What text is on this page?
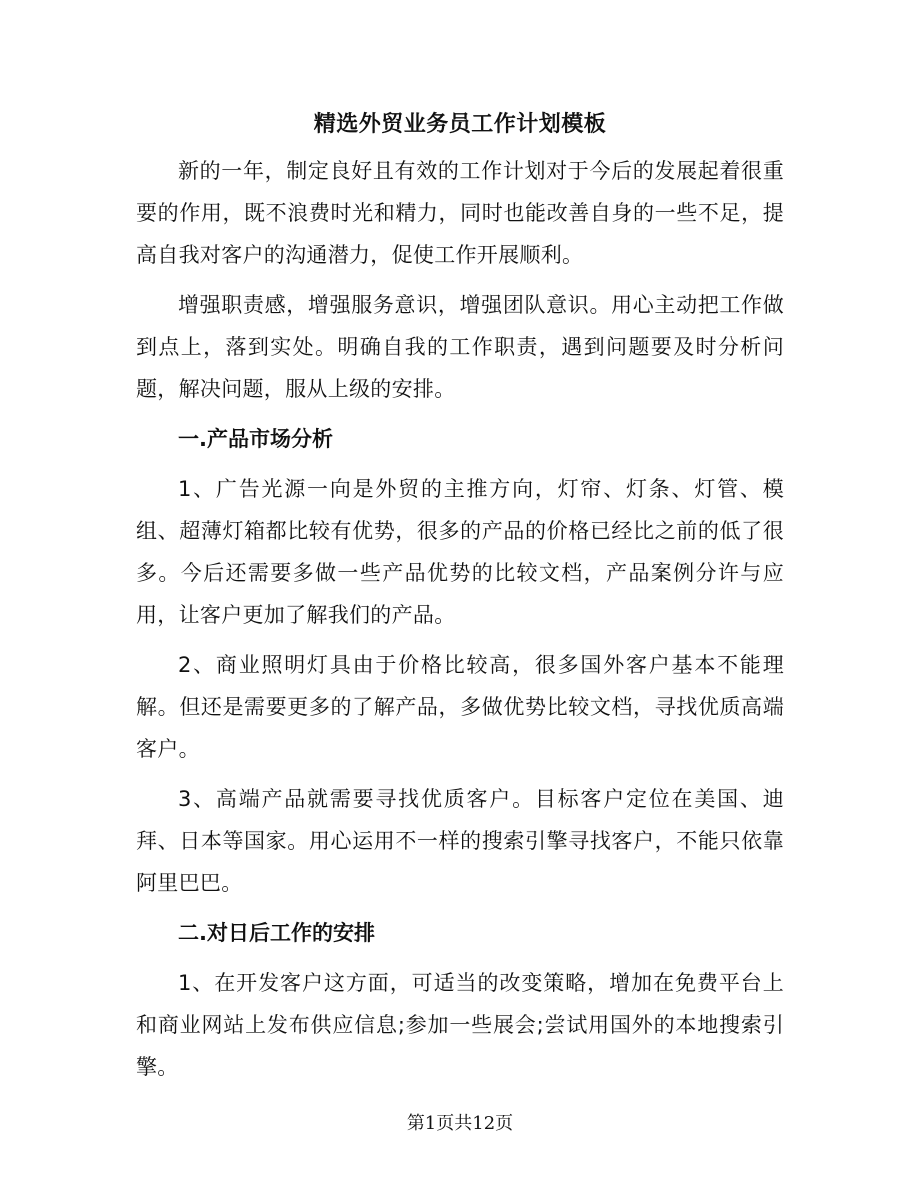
精选外贸业务员工作计划模板

新的一年，制定良好且有效的工作计划对于今后的发展起着很重要的作用，既不浪费时光和精力，同时也能改善自身的一些不足，提高自我对客户的沟通潜力，促使工作开展顺利。

增强职责感，增强服务意识，增强团队意识。用心主动把工作做到点上，落到实处。明确自我的工作职责，遇到问题要及时分析问题，解决问题，服从上级的安排。

一.产品市场分析

1、广告光源一向是外贸的主推方向，灯帘、灯条、灯管、模组、超薄灯箱都比较有优势，很多的产品的价格已经比之前的低了很多。今后还需要多做一些产品优势的比较文档，产品案例分许与应用，让客户更加了解我们的产品。

2、商业照明灯具由于价格比较高，很多国外客户基本不能理解。但还是需要更多的了解产品，多做优势比较文档，寻找优质高端客户。

3、高端产品就需要寻找优质客户。目标客户定位在美国、迪拜、日本等国家。用心运用不一样的搜索引擎寻找客户，不能只依靠阿里巴巴。

二.对日后工作的安排

1、在开发客户这方面，可适当的改变策略，增加在免费平台上和商业网站上发布供应信息;参加一些展会;尝试用国外的本地搜索引擎。

第1页共12页
